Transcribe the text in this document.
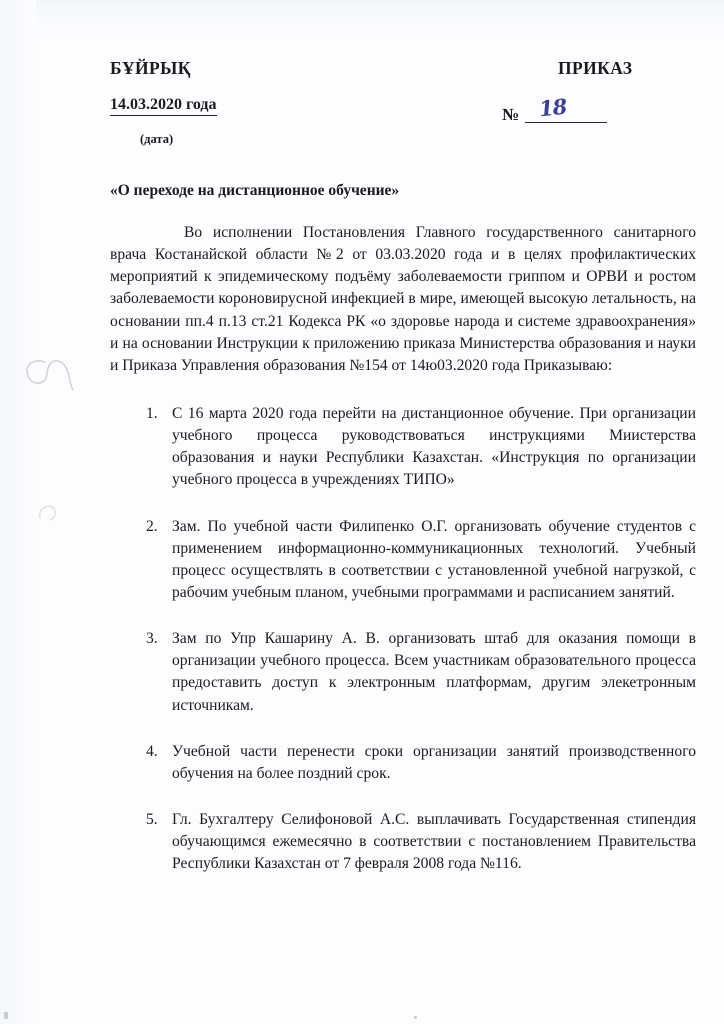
БҰЙРЫҚ	ПРИКАЗ
14.03.2020 года
(дата)
№ 18
«О переходе на дистанционное обучение»

Во исполнении Постановления Главного государственного санитарного врача Костанайской области №2 от 03.03.2020 года и в целях профилактических мероприятий к эпидемическому подъёму заболеваемости гриппом и ОРВИ и ростом заболеваемости короновирусной инфекцией в мире, имеющей высокую летальность, на основании пп.4 п.13 ст.21 Кодекса РК «о здоровье народа и системе здравоохранения» и на основании Инструкции к приложению приказа Министерства образования и науки и Приказа Управления образования №154 от 14ю03.2020 года Приказываю:

С 16 марта 2020 года перейти на дистанционное обучение. При организации учебного процесса руководствоваться инструкциями Миистерства образования и науки Республики Казахстан. «Инструкция по организации учебного процесса в учреждениях ТИПО»
Зам. По учебной части Филипенко О.Г. организовать обучение студентов с применением информационно-коммуникационных технологий. Учебный процесс осуществлять в соответствии с установленной учебной нагрузкой, с рабочим учебным планом, учебными программами и расписанием занятий.
Зам по Упр Кашарину А. В. организовать штаб для оказания помощи в организации учебного процесса. Всем участникам образовательного процесса предоставить доступ к электронным платформам, другим элекетронным источникам.
Учебной части перенести сроки организации занятий производственного обучения на более поздний срок.
Гл. Бухгалтеру Селифоновой А.С. выплачивать Государственная стипендия обучающимся ежемесячно в соответствии с постановлением Правительства Республики Казахстан от 7 февраля 2008 года №116.
